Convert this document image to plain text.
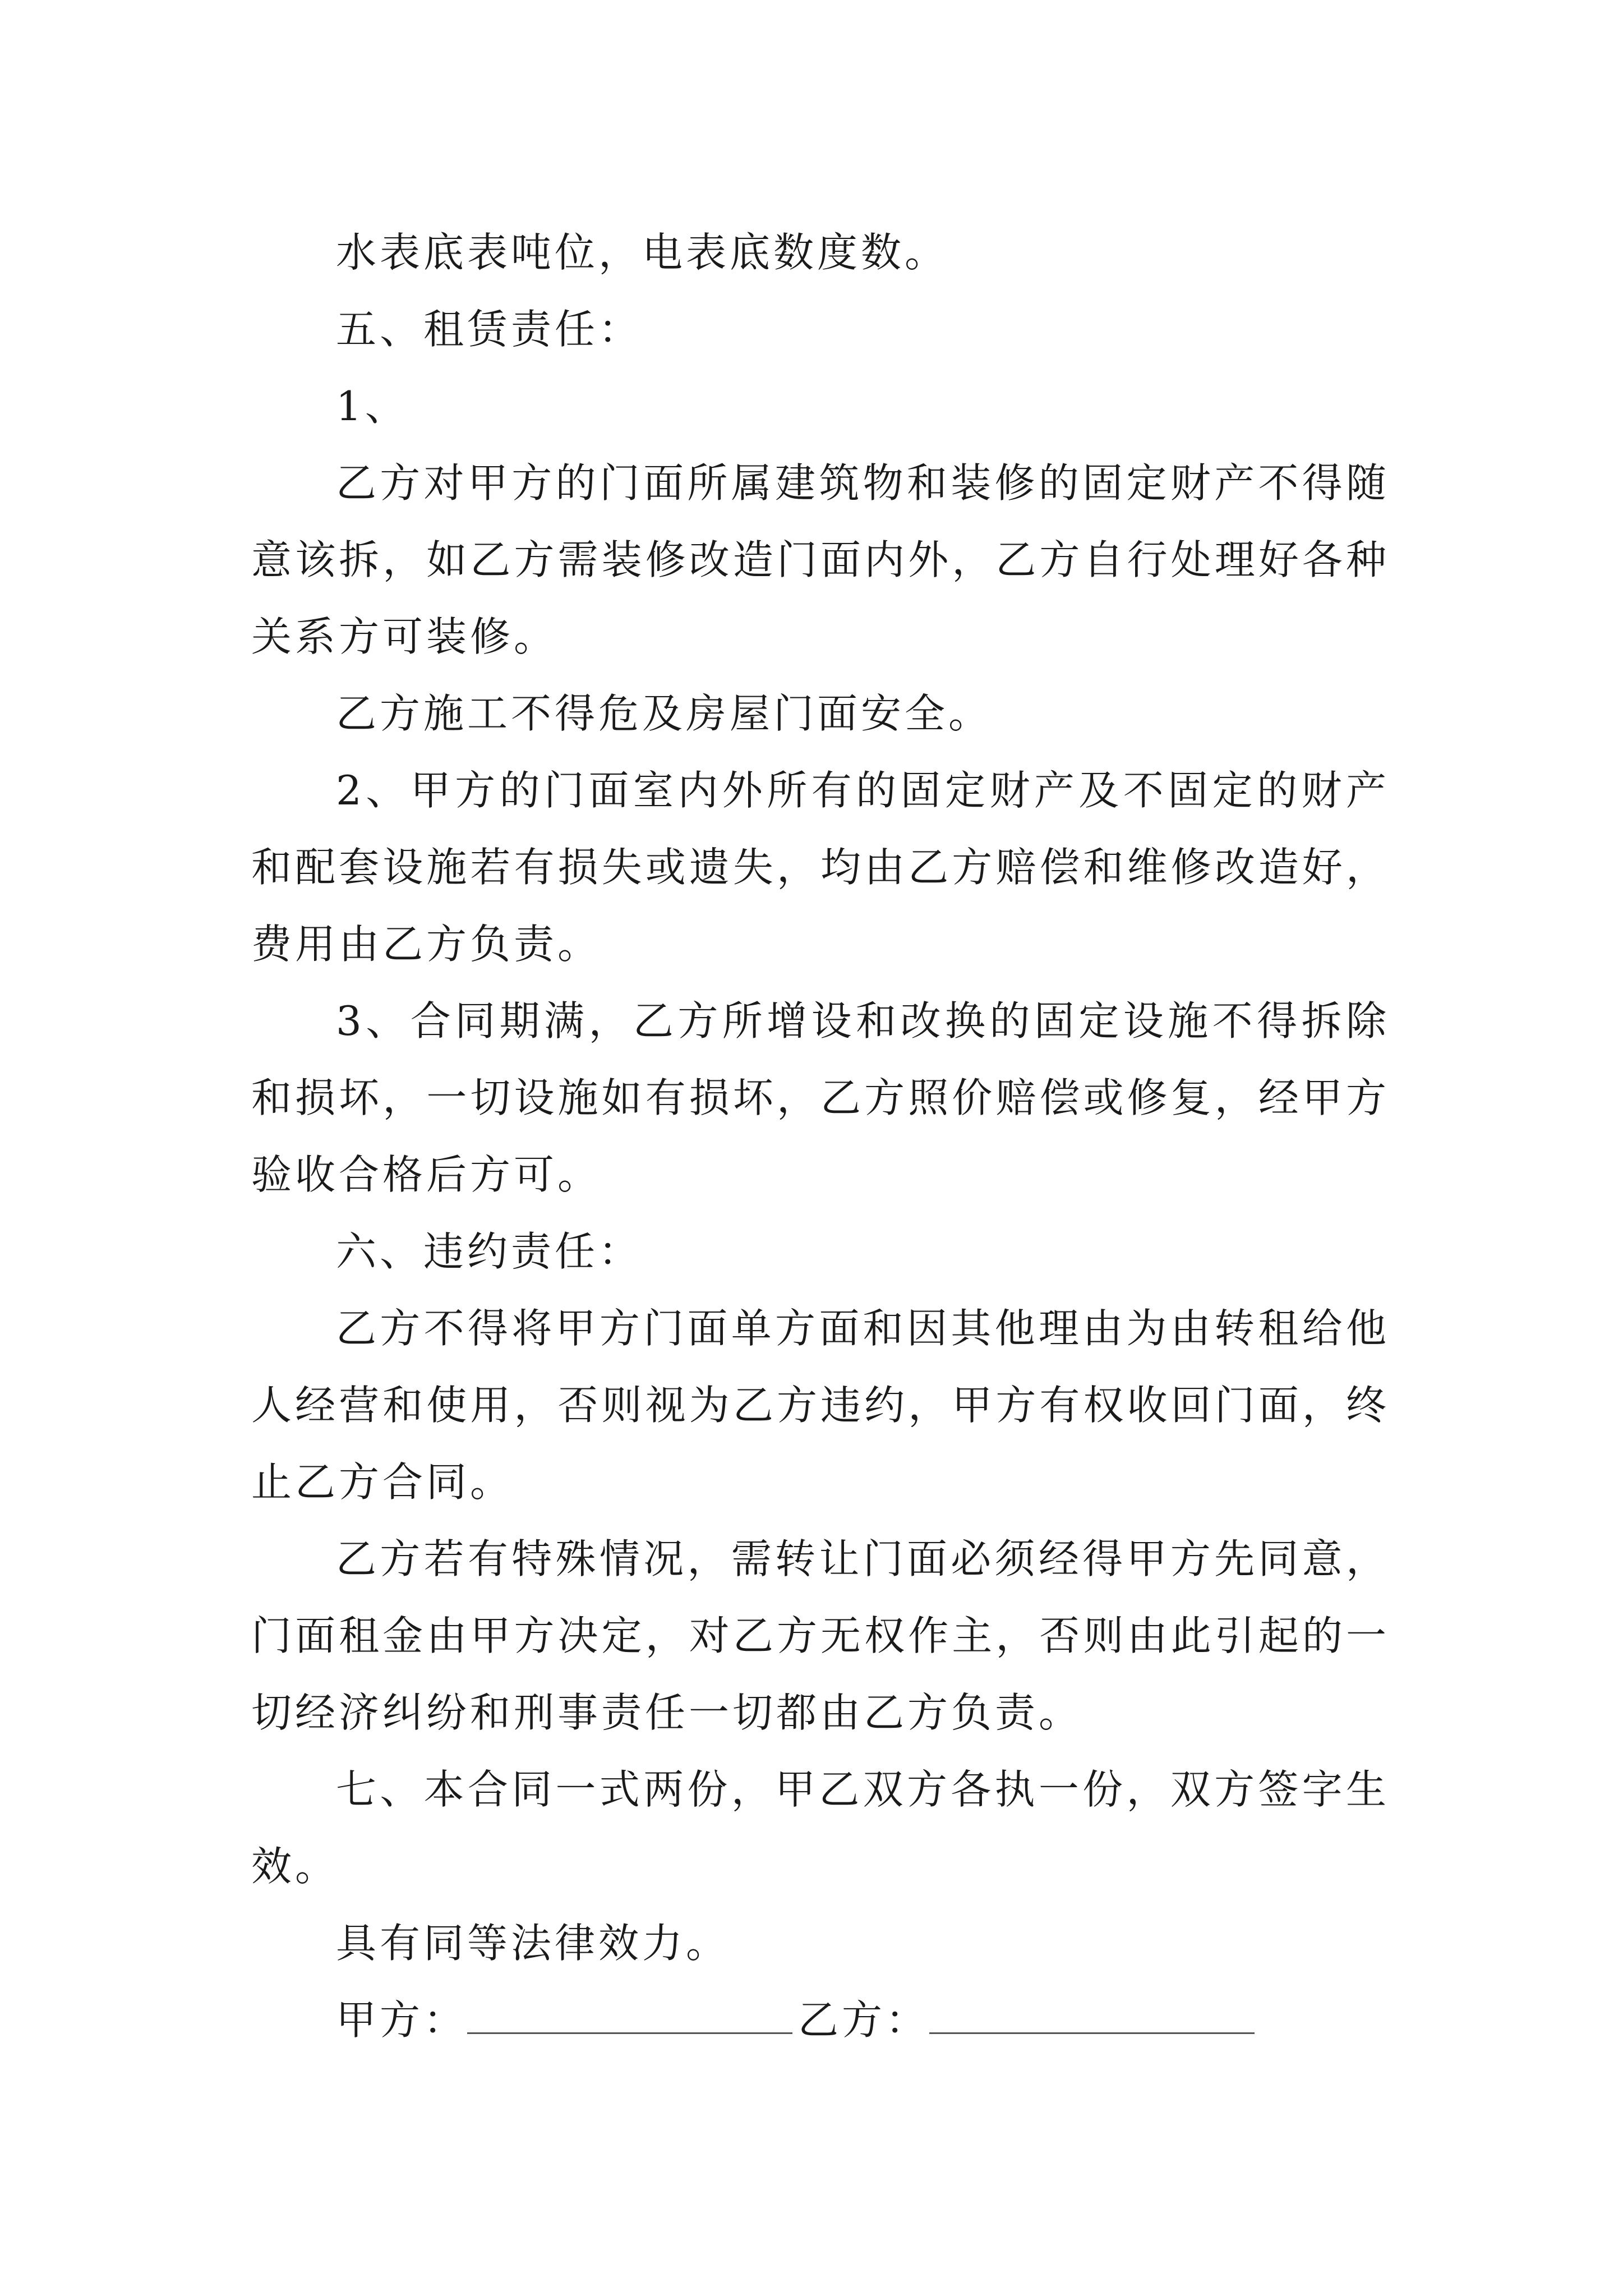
水表底表吨位，电表底数度数。

五、租赁责任：

1、

乙方对甲方的门面所属建筑物和装修的固定财产不得随意该拆，如乙方需装修改造门面内外，乙方自行处理好各种关系方可装修。

乙方施工不得危及房屋门面安全。

2、甲方的门面室内外所有的固定财产及不固定的财产和配套设施若有损失或遗失，均由乙方赔偿和维修改造好，费用由乙方负责。

3、合同期满，乙方所增设和改换的固定设施不得拆除和损坏，一切设施如有损坏，乙方照价赔偿或修复，经甲方验收合格后方可。

六、违约责任：

乙方不得将甲方门面单方面和因其他理由为由转租给他人经营和使用，否则视为乙方违约，甲方有权收回门面，终止乙方合同。

乙方若有特殊情况，需转让门面必须经得甲方先同意，门面租金由甲方决定，对乙方无权作主，否则由此引起的一切经济纠纷和刑事责任一切都由乙方负责。

七、本合同一式两份，甲乙双方各执一份，双方签字生效。

具有同等法律效力。

甲方：	乙方：
